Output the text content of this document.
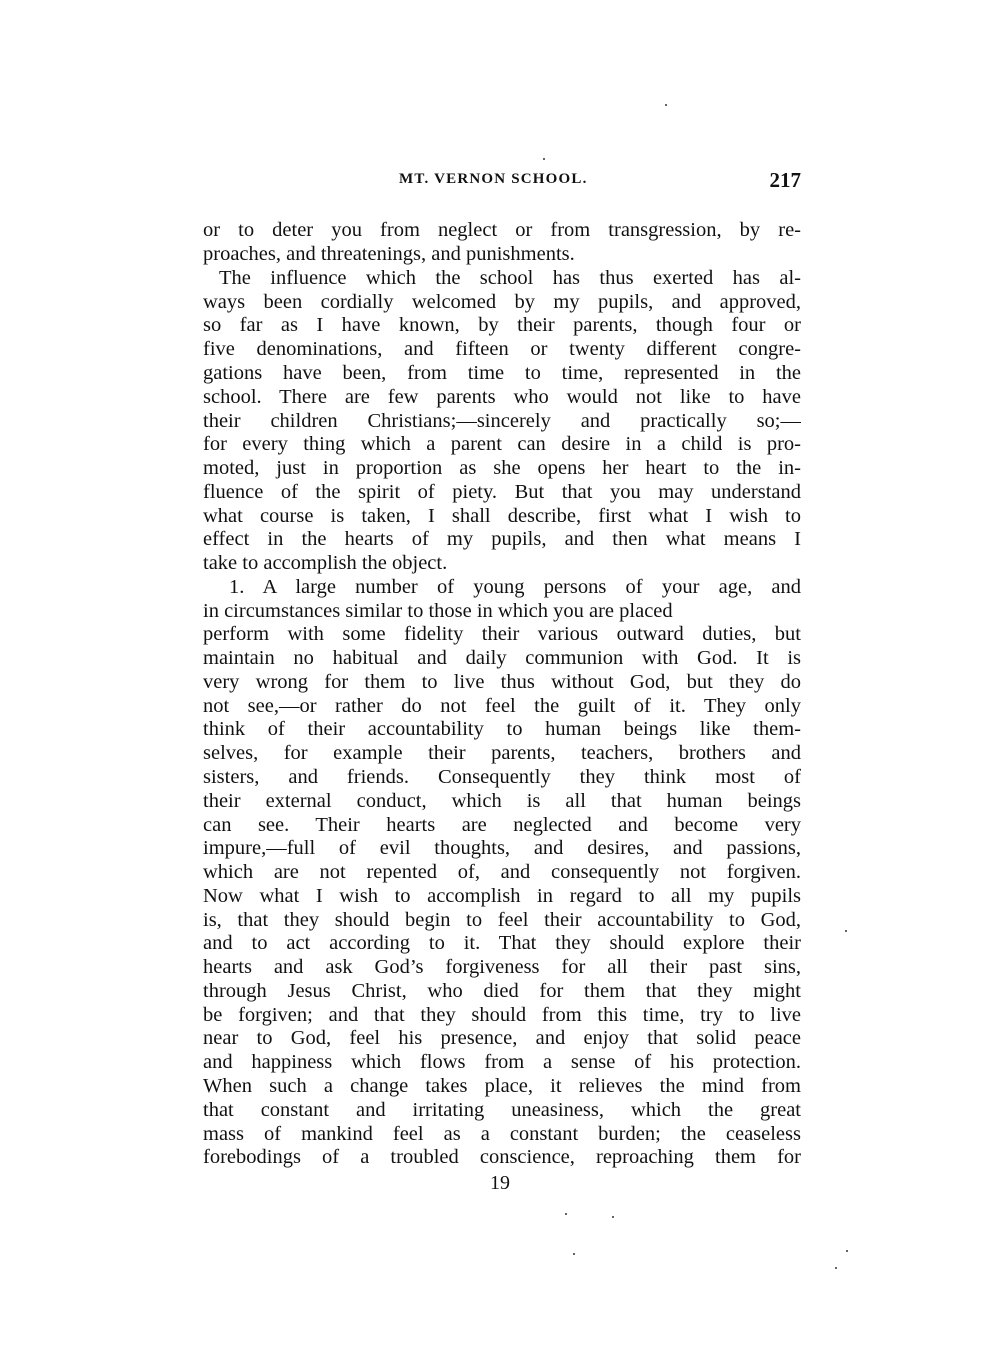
MT. VERNON SCHOOL.	217
or to deter you from neglect or from transgression, by re-
proaches, and threatenings, and punishments.
The influence which the school has thus exerted has al-
ways been cordially welcomed by my pupils, and approved,
so far as I have known, by their parents, though four or
five denominations, and fifteen or twenty different congre-
gations have been, from time to time, represented in the
school. There are few parents who would not like to have
their children Christians;—sincerely and practically so;—
for every thing which a parent can desire in a child is pro-
moted, just in proportion as she opens her heart to the in-
fluence of the spirit of piety. But that you may understand
what course is taken, I shall describe, first what I wish to
effect in the hearts of my pupils, and then what means I
take to accomplish the object.
1. A large number of young persons of your age, and
in circumstances similar to those in which you are placed
perform with some fidelity their various outward duties, but
maintain no habitual and daily communion with God. It is
very wrong for them to live thus without God, but they do
not see,—or rather do not feel the guilt of it. They only
think of their accountability to human beings like them-
selves, for example their parents, teachers, brothers and
sisters, and friends. Consequently they think most of
their external conduct, which is all that human beings
can see. Their hearts are neglected and become very
impure,—full of evil thoughts, and desires, and passions,
which are not repented of, and consequently not forgiven.
Now what I wish to accomplish in regard to all my pupils
is, that they should begin to feel their accountability to God,
and to act according to it. That they should explore their
hearts and ask God’s forgiveness for all their past sins,
through Jesus Christ, who died for them that they might
be forgiven; and that they should from this time, try to live
near to God, feel his presence, and enjoy that solid peace
and happiness which flows from a sense of his protection.
When such a change takes place, it relieves the mind from
that constant and irritating uneasiness, which the great
mass of mankind feel as a constant burden; the ceaseless
forebodings of a troubled conscience, reproaching them for
19
